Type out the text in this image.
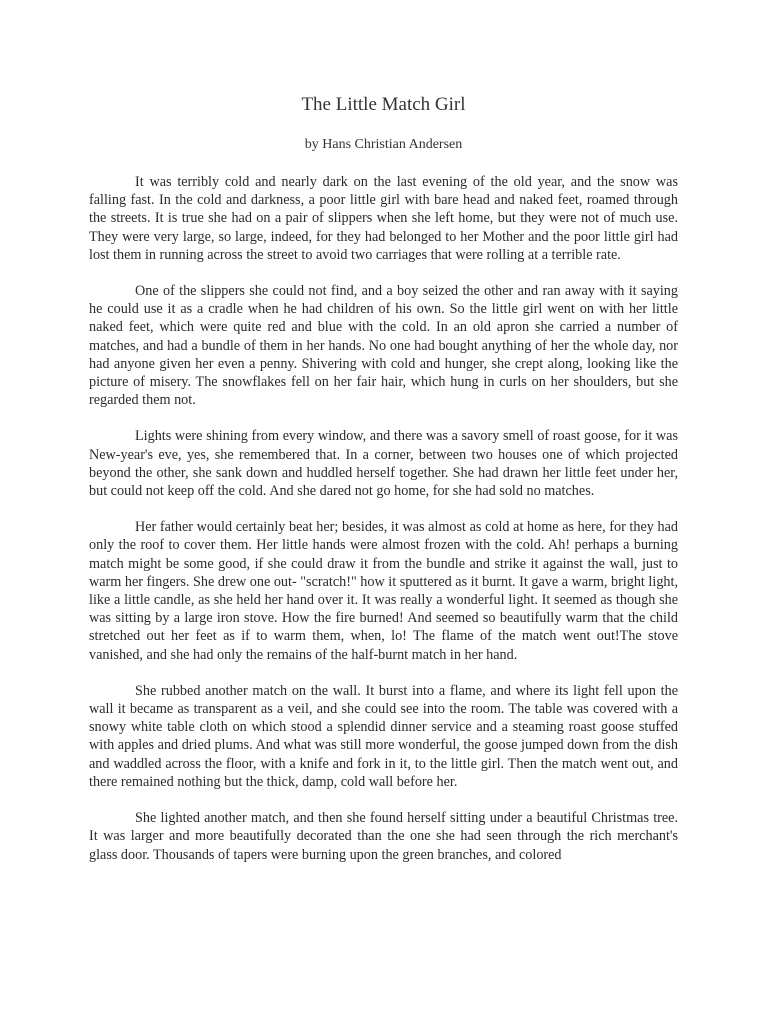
The Little Match Girl
by Hans Christian Andersen

It was terribly cold and nearly dark on the last evening of the old year, and the snow was falling fast. In the cold and darkness, a poor little girl with bare head and naked feet, roamed through the streets. It is true she had on a pair of slippers when she left home, but they were not of much use. They were very large, so large, indeed, for they had belonged to her Mother and the poor little girl had lost them in running across the street to avoid two carriages that were rolling at a terrible rate.

One of the slippers she could not find, and a boy seized the other and ran away with it saying he could use it as a cradle when he had children of his own. So the little girl went on with her little naked feet, which were quite red and blue with the cold. In an old apron she carried a number of matches, and had a bundle of them in her hands. No one had bought anything of her the whole day, nor had anyone given her even a penny. Shivering with cold and hunger, she crept along, looking like the picture of misery. The snowflakes fell on her fair hair, which hung in curls on her shoulders, but she regarded them not.

Lights were shining from every window, and there was a savory smell of roast goose, for it was New-year's eve, yes, she remembered that. In a corner, between two houses one of which projected beyond the other, she sank down and huddled herself together. She had drawn her little feet under her, but could not keep off the cold. And she dared not go home, for she had sold no matches.

Her father would certainly beat her; besides, it was almost as cold at home as here, for they had only the roof to cover them. Her little hands were almost frozen with the cold. Ah! perhaps a burning match might be some good, if she could draw it from the bundle and strike it against the wall, just to warm her fingers. She drew one out- "scratch!" how it sputtered as it burnt. It gave a warm, bright light, like a little candle, as she held her hand over it. It was really a wonderful light. It seemed as though she was sitting by a large iron stove. How the fire burned! And seemed so beautifully warm that the child stretched out her feet as if to warm them, when, lo! The flame of the match went out!The stove vanished, and she had only the remains of the half-burnt match in her hand.

She rubbed another match on the wall. It burst into a flame, and where its light fell upon the wall it became as transparent as a veil, and she could see into the room. The table was covered with a snowy white table cloth on which stood a splendid dinner service and a steaming roast goose stuffed with apples and dried plums. And what was still more wonderful, the goose jumped down from the dish and waddled across the floor, with a knife and fork in it, to the little girl. Then the match went out, and there remained nothing but the thick, damp, cold wall before her.

She lighted another match, and then she found herself sitting under a beautiful Christmas tree. It was larger and more beautifully decorated than the one she had seen through the rich merchant's glass door. Thousands of tapers were burning upon the green branches, and colored
